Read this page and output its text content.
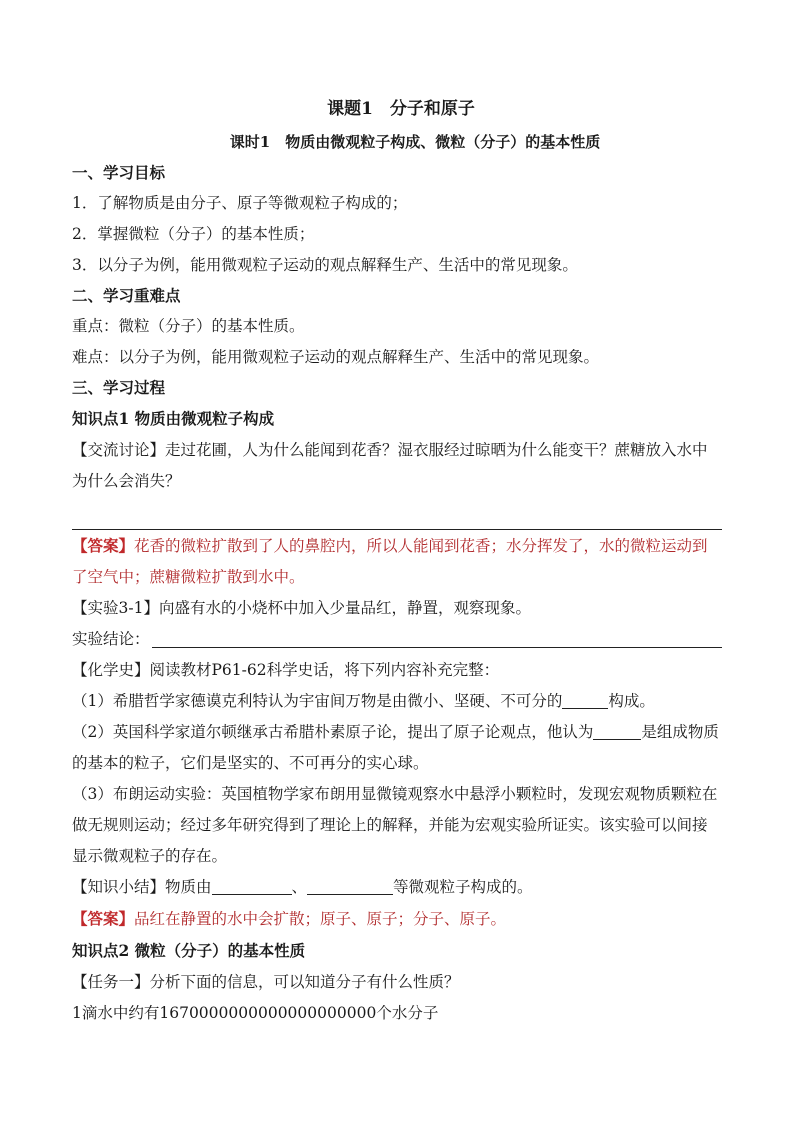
课题1　分子和原子
课时1　物质由微观粒子构成、微粒（分子）的基本性质
一、学习目标
1．了解物质是由分子、原子等微观粒子构成的；
2．掌握微粒（分子）的基本性质；
3．以分子为例，能用微观粒子运动的观点解释生产、生活中的常见现象。
二、学习重难点
重点：微粒（分子）的基本性质。
难点：以分子为例，能用微观粒子运动的观点解释生产、生活中的常见现象。
三、学习过程
知识点1 物质由微观粒子构成
【交流讨论】走过花圃，人为什么能闻到花香？湿衣服经过晾晒为什么能变干？蔗糖放入水中为什么会消失？
【答案】花香的微粒扩散到了人的鼻腔内，所以人能闻到花香；水分挥发了，水的微粒运动到了空气中；蔗糖微粒扩散到水中。
【实验3-1】向盛有水的小烧杯中加入少量品红，静置，观察现象。
实验结论：
【化学史】阅读教材P61-62科学史话，将下列内容补充完整：
（1）希腊哲学家德谟克利特认为宇宙间万物是由微小、坚硬、不可分的	构成。
（2）英国科学家道尔顿继承古希腊朴素原子论，提出了原子论观点，他认为	是组成物质的基本的粒子，它们是坚实的、不可再分的实心球。
（3）布朗运动实验：英国植物学家布朗用显微镜观察水中悬浮小颗粒时，发现宏观物质颗粒在做无规则运动；经过多年研究得到了理论上的解释，并能为宏观实验所证实。该实验可以间接显示微观粒子的存在。
【知识小结】物质由	、	等微观粒子构成的。
【答案】品红在静置的水中会扩散；原子、原子；分子、原子。
知识点2 微粒（分子）的基本性质
【任务一】分析下面的信息，可以知道分子有什么性质？
1滴水中约有1670000000000000000000个水分子
